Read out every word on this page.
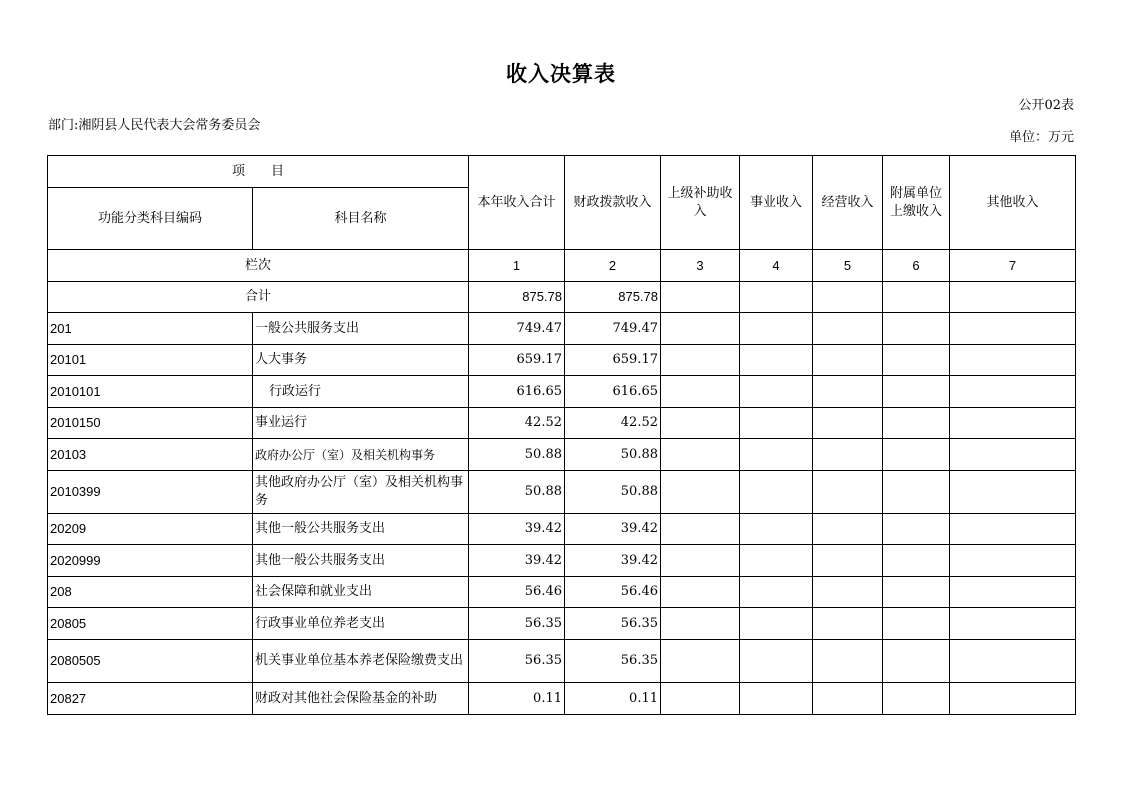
收入决算表
公开02表
部门:湘阴县人民代表大会常务委员会
单位：万元
项　　目		本年收入合计	财政拨款收入	上级补助收入	事业收入	经营收入	附属单位上缴收入	其他收入
功能分类科目编码	科目名称							
栏次		1	2	3	4	5	6	7
合计		875.78	875.78					
201	一般公共服务支出	749.47	749.47					
20101	人大事务	659.17	659.17					
2010101	行政运行	616.65	616.65					
2010150	事业运行	42.52	42.52					
20103	政府办公厅（室）及相关机构事务	50.88	50.88					
2010399	其他政府办公厅（室）及相关机构事务	50.88	50.88					
20209	其他一般公共服务支出	39.42	39.42					
2020999	其他一般公共服务支出	39.42	39.42					
208	社会保障和就业支出	56.46	56.46					
20805	行政事业单位养老支出	56.35	56.35					
2080505	机关事业单位基本养老保险缴费支出	56.35	56.35					
20827	财政对其他社会保险基金的补助	0.11	0.11					
